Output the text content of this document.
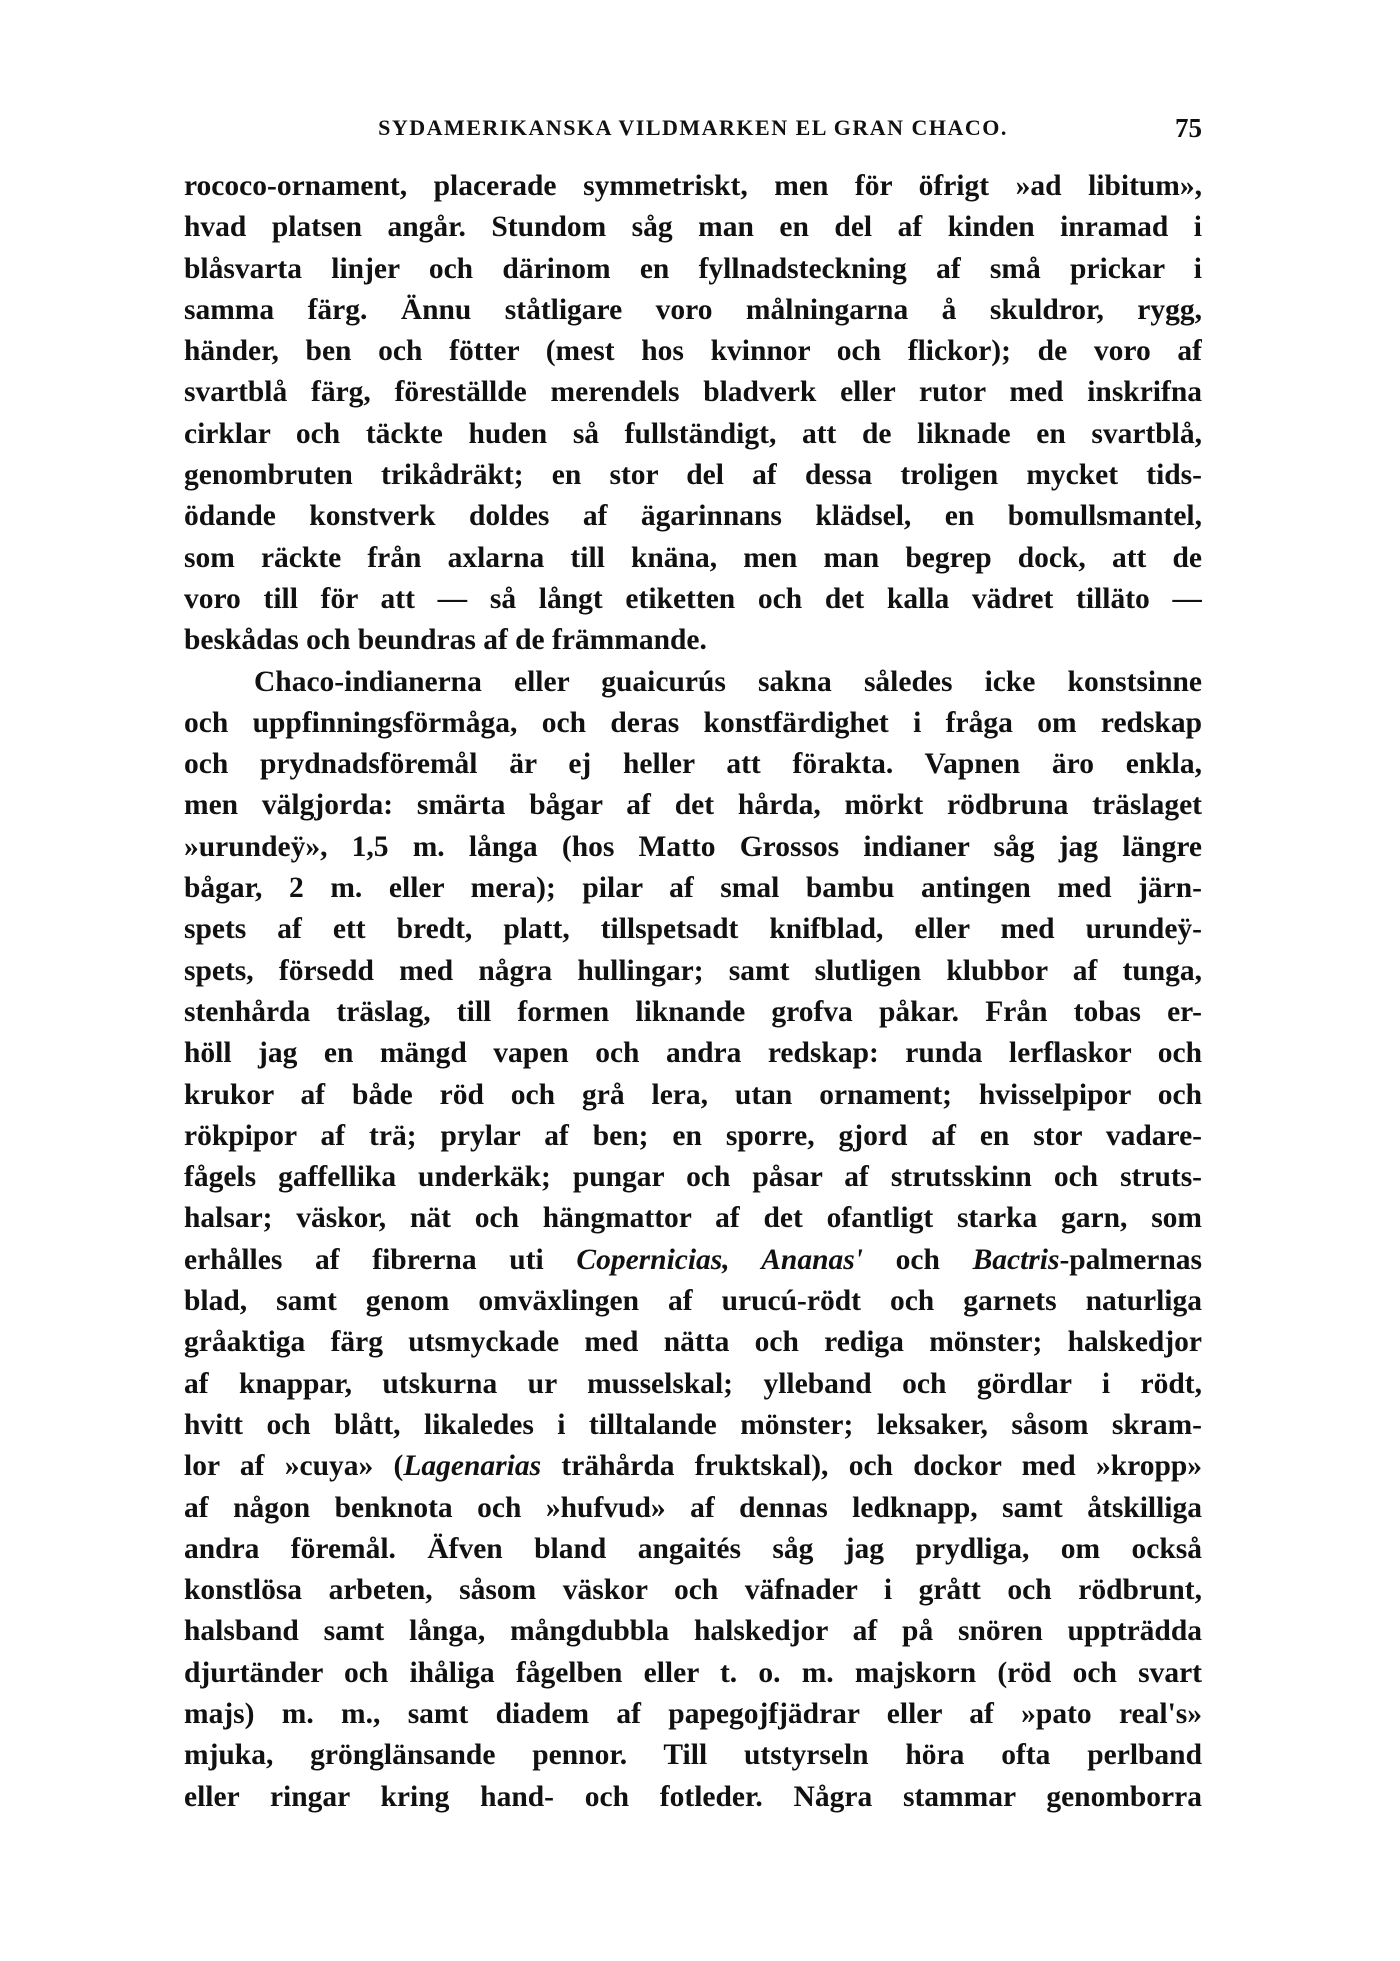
SYDAMERIKANSKA VILDMARKEN EL GRAN CHACO.	75
rococo-ornament, placerade symmetriskt, men för öfrigt »ad libitum»,
hvad platsen angår. Stundom såg man en del af kinden inramad i
blåsvarta linjer och därinom en fyllnadsteckning af små prickar i
samma färg. Ännu ståtligare voro målningarna å skuldror, rygg,
händer, ben och fötter (mest hos kvinnor och flickor); de voro af
svartblå färg, föreställde merendels bladverk eller rutor med inskrifna
cirklar och täckte huden så fullständigt, att de liknade en svartblå,
genombruten trikådräkt; en stor del af dessa troligen mycket tids-
ödande konstverk doldes af ägarinnans klädsel, en bomullsmantel,
som räckte från axlarna till knäna, men man begrep dock, att de
voro till för att — så långt etiketten och det kalla vädret tilläto —
beskådas och beundras af de främmande.
Chaco-indianerna eller guaicurús sakna således icke konstsinne
och uppfinningsförmåga, och deras konstfärdighet i fråga om redskap
och prydnadsföremål är ej heller att förakta. Vapnen äro enkla,
men välgjorda: smärta bågar af det hårda, mörkt rödbruna träslaget
»urundeÿ», 1,5 m. långa (hos Matto Grossos indianer såg jag längre
bågar, 2 m. eller mera); pilar af smal bambu antingen med järn-
spets af ett bredt, platt, tillspetsadt knifblad, eller med urundeÿ-
spets, försedd med några hullingar; samt slutligen klubbor af tunga,
stenhårda träslag, till formen liknande grofva påkar. Från tobas er-
höll jag en mängd vapen och andra redskap: runda lerflaskor och
krukor af både röd och grå lera, utan ornament; hvisselpipor och
rökpipor af trä; prylar af ben; en sporre, gjord af en stor vadare-
fågels gaffellika underkäk; pungar och påsar af strutsskinn och struts-
halsar; väskor, nät och hängmattor af det ofantligt starka garn, som
erhålles af fibrerna uti Copernicias, Ananas' och Bactris-palmernas
blad, samt genom omväxlingen af urucú-rödt och garnets naturliga
gråaktiga färg utsmyckade med nätta och rediga mönster; halskedjor
af knappar, utskurna ur musselskal; ylleband och gördlar i rödt,
hvitt och blått, likaledes i tilltalande mönster; leksaker, såsom skram-
lor af »cuya» (Lagenarias trähårda fruktskal), och dockor med »kropp»
af någon benknota och »hufvud» af dennas ledknapp, samt åtskilliga
andra föremål. Äfven bland angaités såg jag prydliga, om också
konstlösa arbeten, såsom väskor och väfnader i grått och rödbrunt,
halsband samt långa, mångdubbla halskedjor af på snören uppträdda
djurtänder och ihåliga fågelben eller t. o. m. majskorn (röd och svart
majs) m. m., samt diadem af papegojfjädrar eller af »pato real's»
mjuka, grönglänsande pennor. Till utstyrseln höra ofta perlband
eller ringar kring hand- och fotleder. Några stammar genomborra
